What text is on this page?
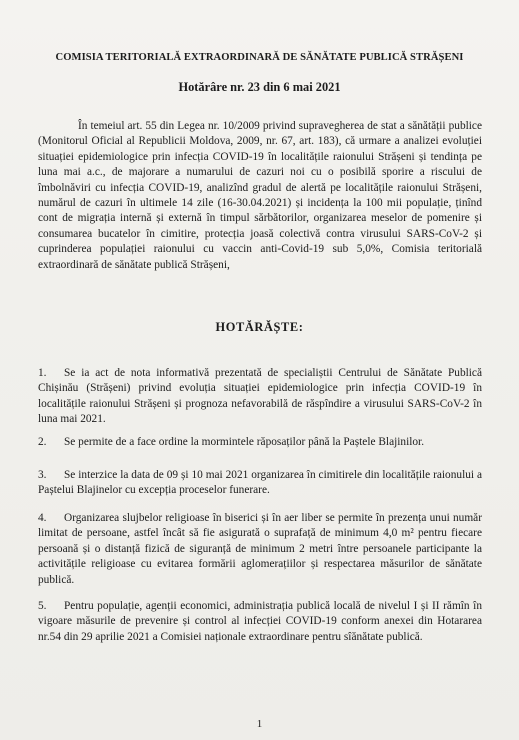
COMISIA TERITORIALĂ EXTRAORDINARĂ DE SĂNĂTATE PUBLICĂ STRĂȘENI
Hotărâre nr. 23 din 6 mai 2021

În temeiul art. 55 din Legea nr. 10/2009 privind supravegherea de stat a sănătății publice (Monitorul Oficial al Republicii Moldova, 2009, nr. 67, art. 183), că urmare a analizei evoluției situației epidemiologice prin infecția COVID-19 în localitățile raionului Strășeni și tendința pe luna mai a.c., de majorare a numarului de cazuri noi cu o posibilă sporire a riscului de îmbolnăviri cu infecția COVID-19, analizînd gradul de alertă pe localitățile raionului Strășeni, numărul de cazuri în ultimele 14 zile (16-30.04.2021) și incidența la 100 mii populație, ținînd cont de migrația internă și externă în timpul sărbătorilor, organizarea meselor de pomenire și consumarea bucatelor în cimitire, protecția joasă colectivă contra virusului SARS-CoV-2 și cuprinderea populației raionului cu vaccin anti-Covid-19 sub 5,0%, Comisia teritorială extraordinară de sănătate publică Strășeni,

HOTĂRĂȘTE:

1. Se ia act de nota informativă prezentată de specialiștii Centrului de Sănătate Publică Chișinău (Strășeni) privind evoluția situației epidemiologice prin infecția COVID-19 în localitățile raionului Strășeni și prognoza nefavorabilă de răspîndire a virusului SARS-CoV-2 în luna mai 2021.

2. Se permite de a face ordine la mormintele răposaților până la Paștele Blajinilor.

3. Se interzice la data de 09 și 10 mai 2021 organizarea în cimitirele din localitățile raionului a Paștelui Blajinelor cu excepția proceselor funerare.

4. Organizarea slujbelor religioase în biserici și în aer liber se permite în prezența unui număr limitat de persoane, astfel încât să fie asigurată o suprafață de minimum 4,0 m² pentru fiecare persoană și o distanță fizică de siguranță de minimum 2 metri între persoanele participante la activitățile religioase cu evitarea formării aglomerațiilor și respectarea măsurilor de sănătate publică.

5. Pentru populație, agenții economici, administrația publică locală de nivelul I și II rămîn în vigoare măsurile de prevenire și control al infecției COVID-19 conform anexei din Hotararea nr.54 din 29 aprilie 2021 a Comisiei naționale extraordinare pentru sîănătate publică.

1
